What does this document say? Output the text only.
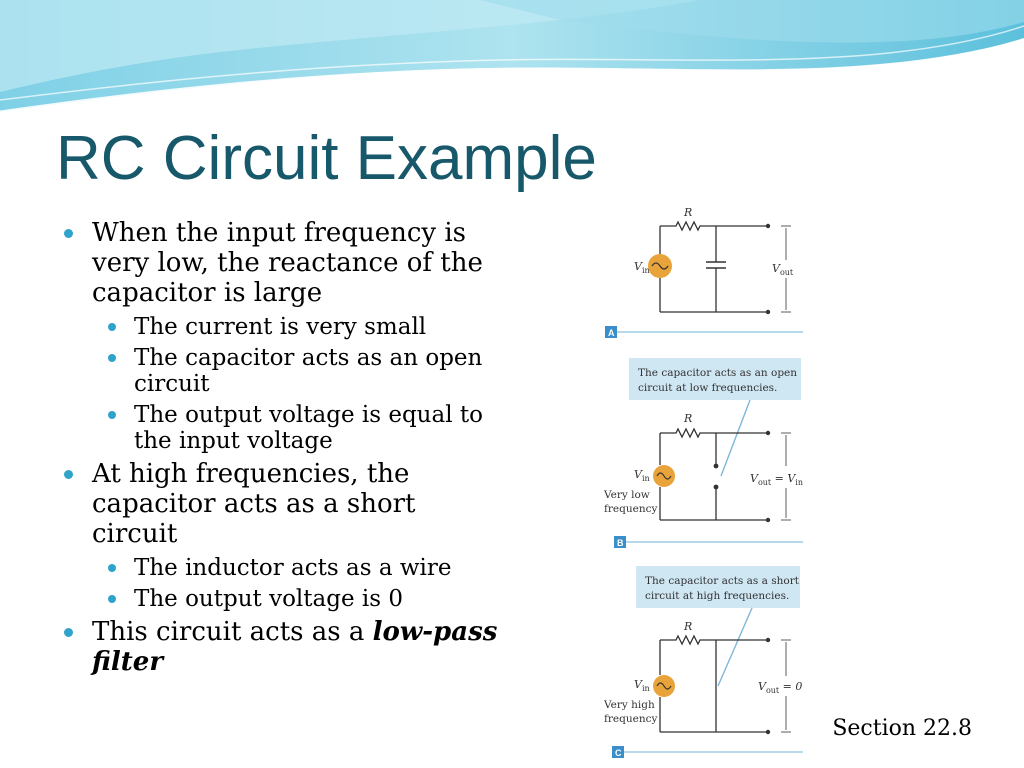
RC Circuit Example
When the input frequency is very low, the reactance of the capacitor is large
The current is very small
The capacitor acts as an open circuit
The output voltage is equal to the input voltage
At high frequencies, the capacitor acts as a short circuit
The inductor acts as a wire
The output voltage is 0
This circuit acts as a low-pass filter
R
Vin	Vout
A
The capacitor acts as an open
circuit at low frequencies.
R
Vin	Vout = Vin
Very low
frequency
B
The capacitor acts as a short
circuit at high frequencies.
R
Vin	Vout = 0
Very high
frequency
C
Section 22.8
